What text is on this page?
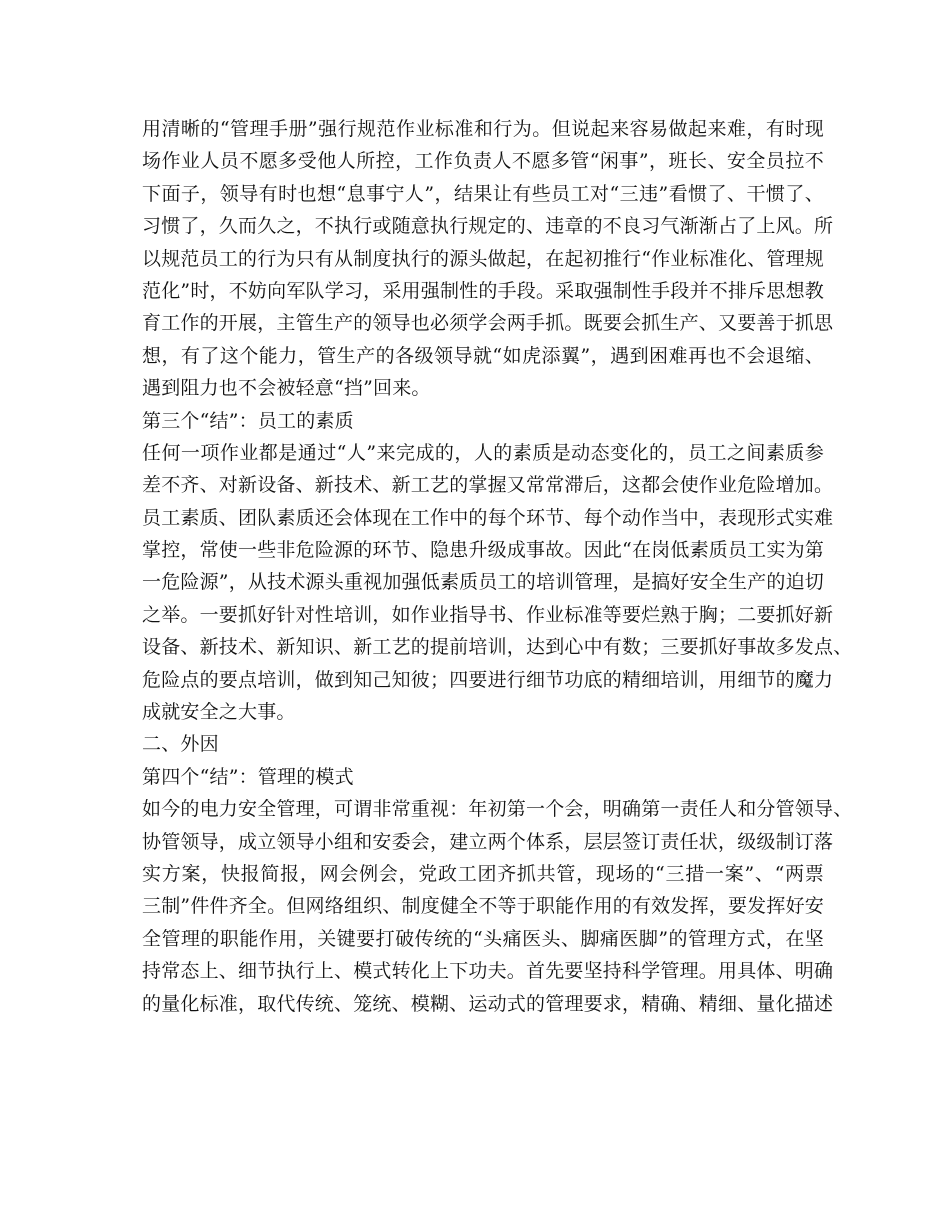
用清晰的“管理手册”强行规范作业标准和行为。但说起来容易做起来难，有时现
场作业人员不愿多受他人所控，工作负责人不愿多管“闲事”，班长、安全员拉不
下面子，领导有时也想“息事宁人”，结果让有些员工对“三违”看惯了、干惯了、
习惯了，久而久之，不执行或随意执行规定的、违章的不良习气渐渐占了上风。所
以规范员工的行为只有从制度执行的源头做起，在起初推行“作业标准化、管理规
范化”时，不妨向军队学习，采用强制性的手段。采取强制性手段并不排斥思想教
育工作的开展，主管生产的领导也必须学会两手抓。既要会抓生产、又要善于抓思
想，有了这个能力，管生产的各级领导就“如虎添翼”，遇到困难再也不会退缩、
遇到阻力也不会被轻意“挡”回来。
第三个“结”：员工的素质
任何一项作业都是通过“人”来完成的，人的素质是动态变化的，员工之间素质参
差不齐、对新设备、新技术、新工艺的掌握又常常滞后，这都会使作业危险增加。
员工素质、团队素质还会体现在工作中的每个环节、每个动作当中，表现形式实难
掌控，常使一些非危险源的环节、隐患升级成事故。因此“在岗低素质员工实为第
一危险源”，从技术源头重视加强低素质员工的培训管理，是搞好安全生产的迫切
之举。一要抓好针对性培训，如作业指导书、作业标准等要烂熟于胸；二要抓好新
设备、新技术、新知识、新工艺的提前培训，达到心中有数；三要抓好事故多发点、
危险点的要点培训，做到知己知彼；四要进行细节功底的精细培训，用细节的魔力
成就安全之大事。
二、外因
第四个“结”：管理的模式
如今的电力安全管理，可谓非常重视：年初第一个会，明确第一责任人和分管领导、
协管领导，成立领导小组和安委会，建立两个体系，层层签订责任状，级级制订落
实方案，快报简报，网会例会，党政工团齐抓共管，现场的“三措一案”、“两票
三制”件件齐全。但网络组织、制度健全不等于职能作用的有效发挥，要发挥好安
全管理的职能作用，关键要打破传统的“头痛医头、脚痛医脚”的管理方式，在坚
持常态上、细节执行上、模式转化上下功夫。首先要坚持科学管理。用具体、明确
的量化标准，取代传统、笼统、模糊、运动式的管理要求，精确、精细、量化描述
